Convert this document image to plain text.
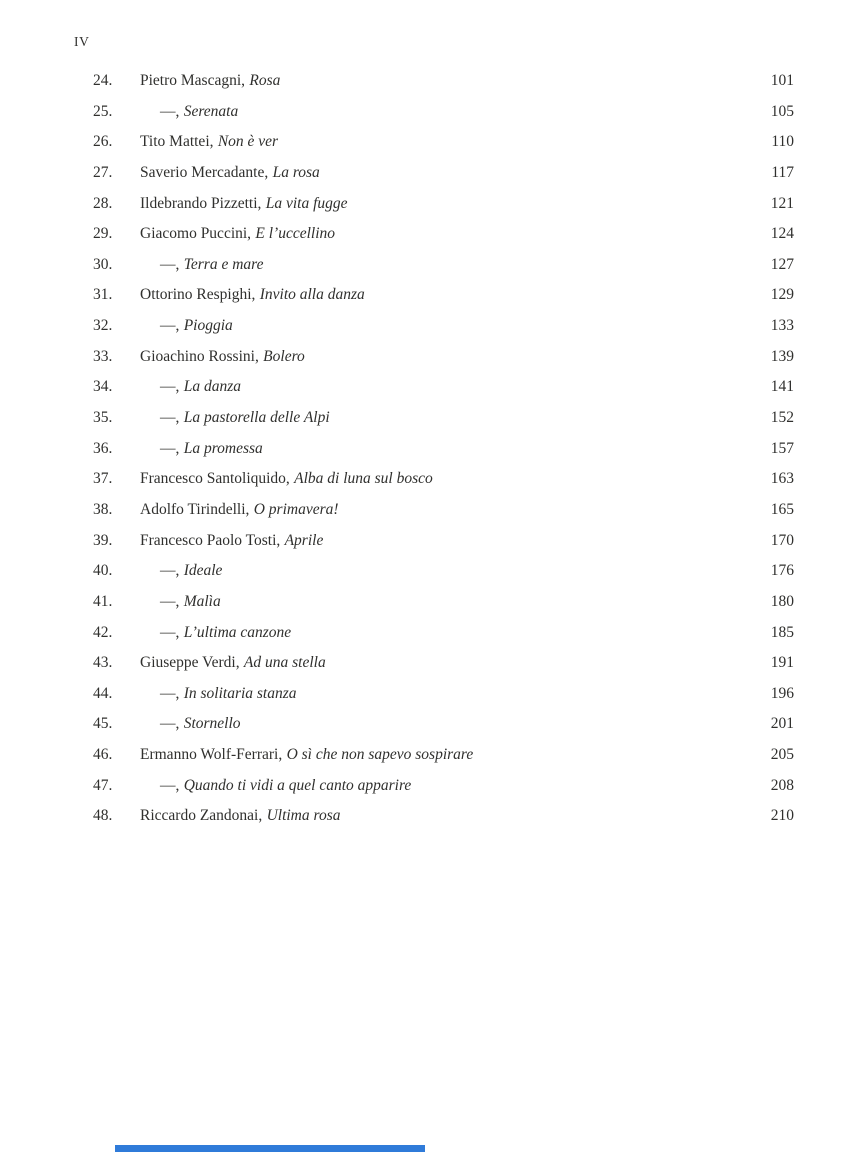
IV
24.	Pietro Mascagni, Rosa	101
25.	—, Serenata	105
26.	Tito Mattei, Non è ver	110
27.	Saverio Mercadante, La rosa	117
28.	Ildebrando Pizzetti, La vita fugge	121
29.	Giacomo Puccini, E l’uccellino	124
30.	—, Terra e mare	127
31.	Ottorino Respighi, Invito alla danza	129
32.	—, Pioggia	133
33.	Gioachino Rossini, Bolero	139
34.	—, La danza	141
35.	—, La pastorella delle Alpi	152
36.	—, La promessa	157
37.	Francesco Santoliquido, Alba di luna sul bosco	163
38.	Adolfo Tirindelli, O primavera!	165
39.	Francesco Paolo Tosti, Aprile	170
40.	—, Ideale	176
41.	—, Malìa	180
42.	—, L’ultima canzone	185
43.	Giuseppe Verdi, Ad una stella	191
44.	—, In solitaria stanza	196
45.	—, Stornello	201
46.	Ermanno Wolf-Ferrari, O sì che non sapevo sospirare	205
47.	—, Quando ti vidi a quel canto apparire	208
48.	Riccardo Zandonai, Ultima rosa	210
